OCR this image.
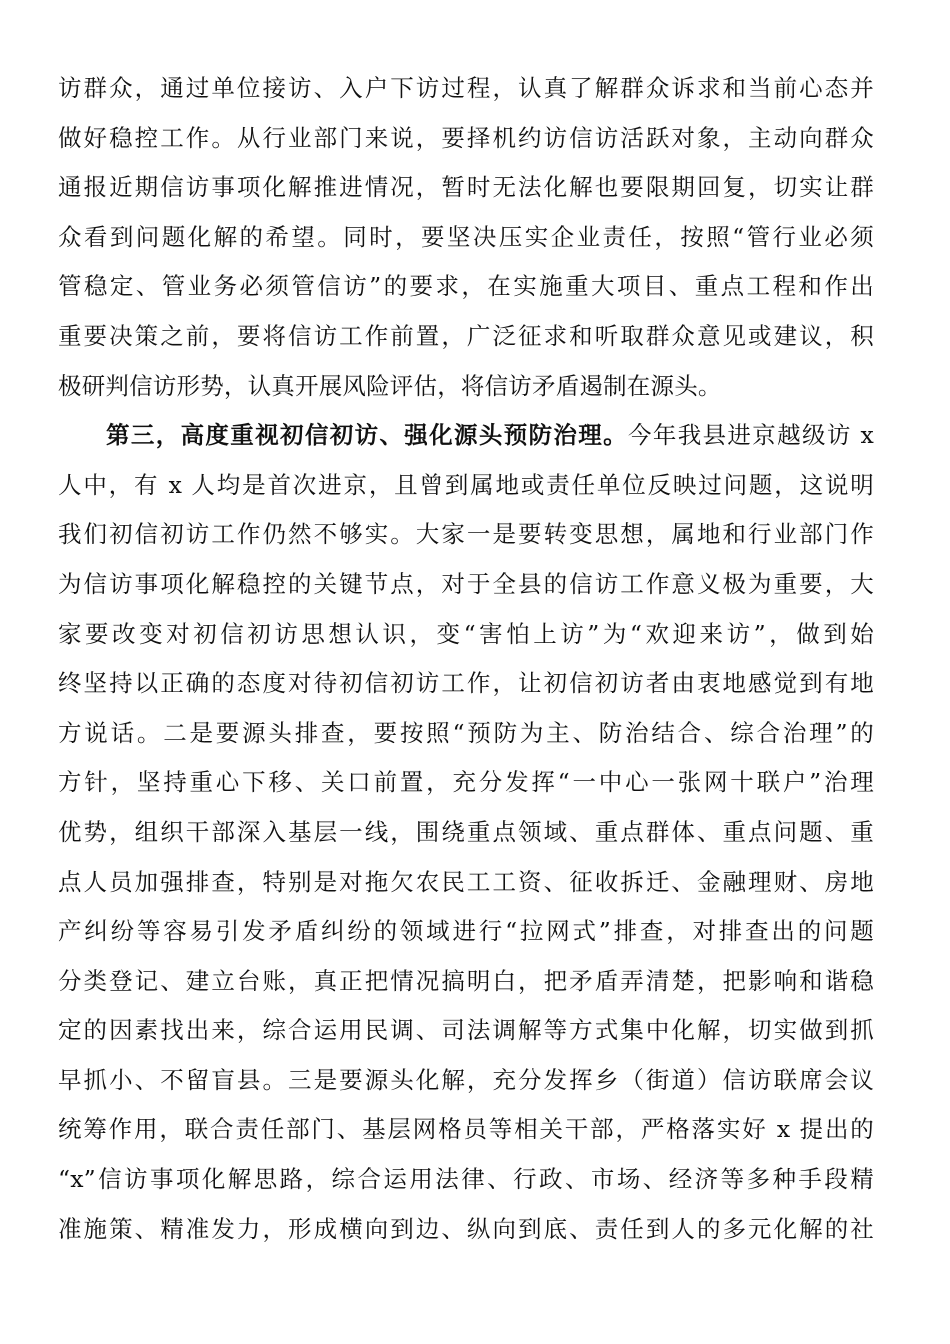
访群众，通过单位接访、入户下访过程，认真了解群众诉求和当前心态并
做好稳控工作。从行业部门来说，要择机约访信访活跃对象，主动向群众
通报近期信访事项化解推进情况，暂时无法化解也要限期回复，切实让群
众看到问题化解的希望。同时，要坚决压实企业责任，按照“管行业必须
管稳定、管业务必须管信访”的要求，在实施重大项目、重点工程和作出
重要决策之前，要将信访工作前置，广泛征求和听取群众意见或建议，积
极研判信访形势，认真开展风险评估，将信访矛盾遏制在源头。
第三，高度重视初信初访、强化源头预防治理。今年我县进京越级访 x
人中，有 x 人均是首次进京，且曾到属地或责任单位反映过问题，这说明
我们初信初访工作仍然不够实。大家一是要转变思想，属地和行业部门作
为信访事项化解稳控的关键节点，对于全县的信访工作意义极为重要，大
家要改变对初信初访思想认识，变“害怕上访”为“欢迎来访”，做到始
终坚持以正确的态度对待初信初访工作，让初信初访者由衷地感觉到有地
方说话。二是要源头排查，要按照“预防为主、防治结合、综合治理”的
方针，坚持重心下移、关口前置，充分发挥“一中心一张网十联户”治理
优势，组织干部深入基层一线，围绕重点领域、重点群体、重点问题、重
点人员加强排查，特别是对拖欠农民工工资、征收拆迁、金融理财、房地
产纠纷等容易引发矛盾纠纷的领域进行“拉网式”排查，对排查出的问题
分类登记、建立台账，真正把情况搞明白，把矛盾弄清楚，把影响和谐稳
定的因素找出来，综合运用民调、司法调解等方式集中化解，切实做到抓
早抓小、不留盲县。三是要源头化解，充分发挥乡（街道）信访联席会议
统筹作用，联合责任部门、基层网格员等相关干部，严格落实好 x 提出的
“x”信访事项化解思路，综合运用法律、行政、市场、经济等多种手段精
准施策、精准发力，形成横向到边、纵向到底、责任到人的多元化解的社
